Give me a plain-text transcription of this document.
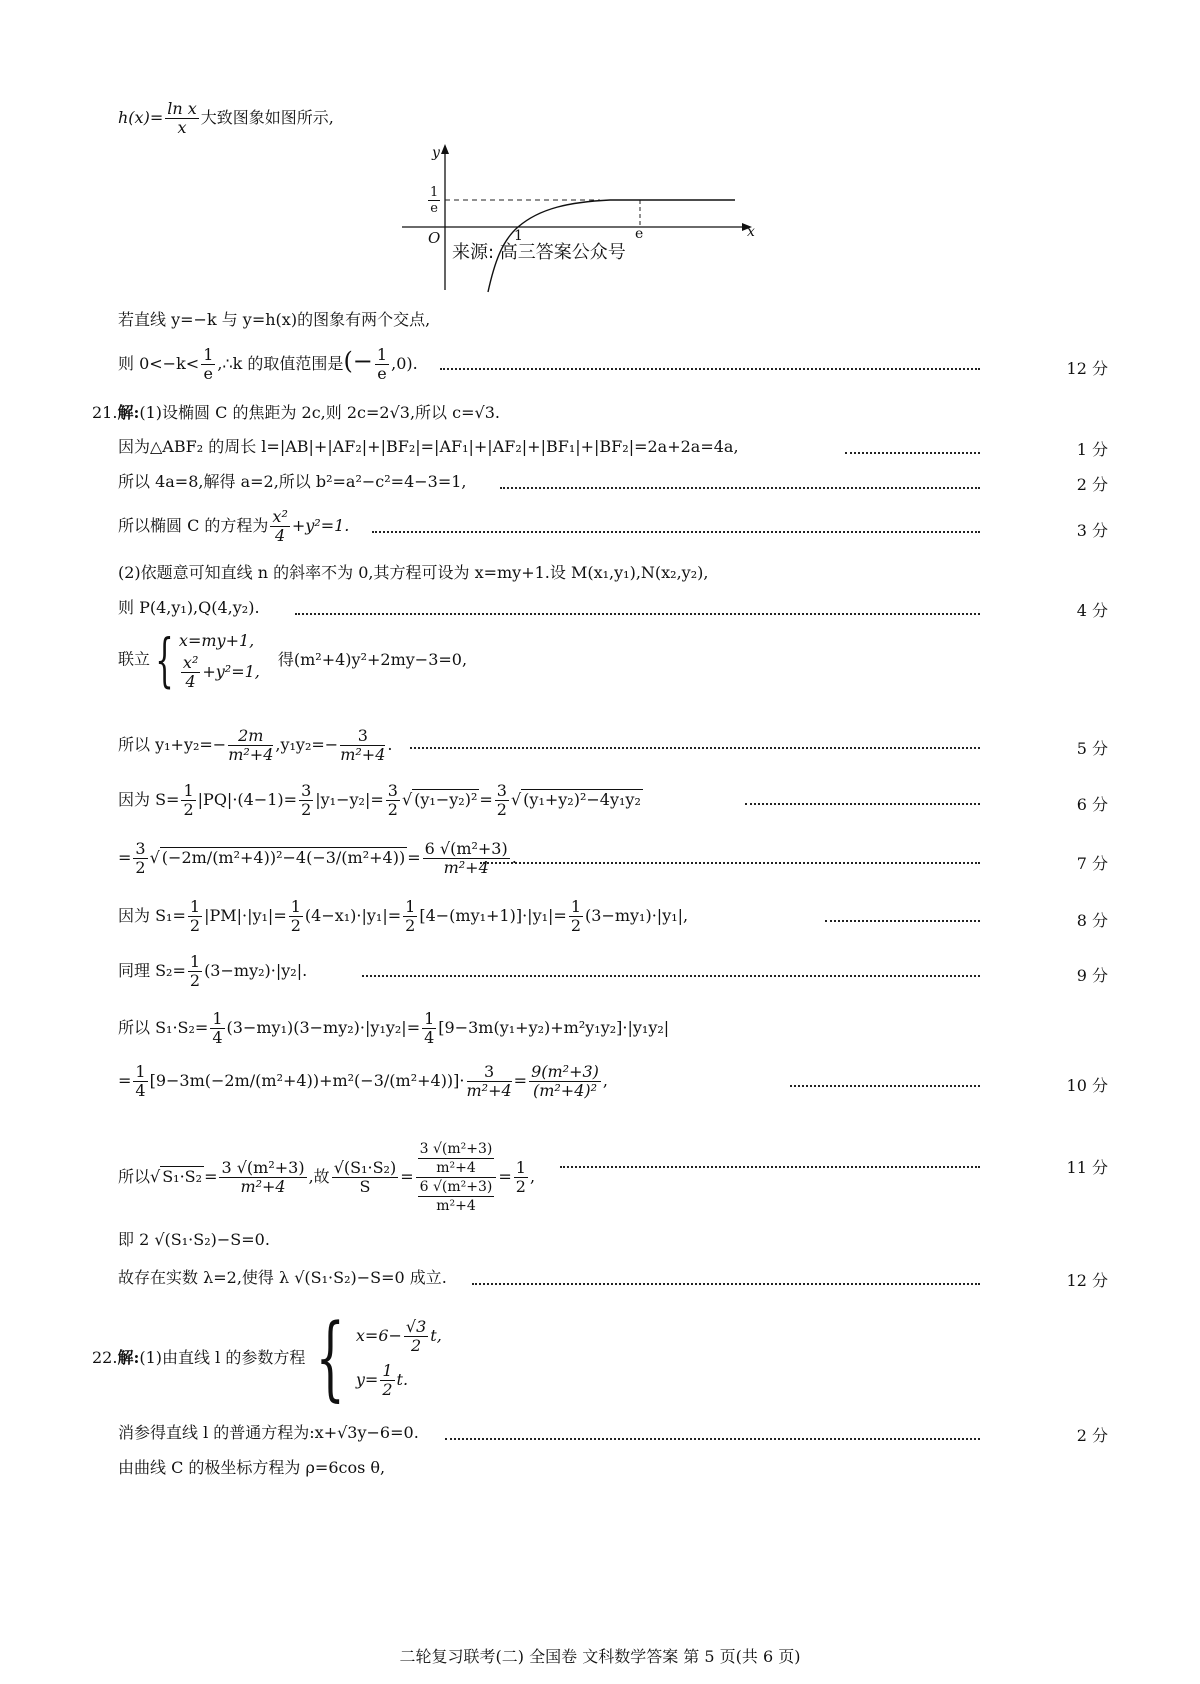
$h(x)= \frac{\text{ln x}}{x}$ 大致图象如图所示,
y
x
O	1	e
1
e
来源: 高三答案公众号
若直线 y=−k 与 y=h(x)的图象有两个交点,
则 $0<-k< \frac{1}{e}$ ,∴k 的取值范围是(− $\frac{1}{e} ,0$).	12 分
21.解:(1)设椭圆 C 的焦距为 2c,则 2c=2√3,所以 c=√3.
因为△ABF₂ 的周长 l=|AB|+|AF₂|+|BF₂|=|AF₁|+|AF₂|+|BF₁|+|BF₂|=2a+2a=4a,	1 分
所以 4a=8,解得 a=2,所以 b²=a²−c²=4−3=1,	2 分
所以椭圆 C 的方程为 $\frac{\text{x²}}{4} +y^2=1$.	3 分
(2)依题意可知直线 n 的斜率不为 0,其方程可设为 x=my+1.设 M(x₁,y₁),N(x₂,y₂),
则 P(4,y₁),Q(4,y₂).	4 分
联立{ x=my+1,
$\frac{\text{x²}}{4} +y^2=1$,
得(m²+4)y²+2my−3=0,
所以 $y_1+y_2=- \frac{2m}{\text{m²+4}} ,y_1y_2=- \frac{3}{\text{m²+4}}$ .	5 分
因为 $S= \frac{1}{2} |PQ|\cdot(4-1)= \frac{3}{2} |y_1-y_2|= \frac{3}{2}$ √ $(y_1-y_2)^2 = \frac{3}{2}$ √ (y₁+y₂)²−4y₁y₂	6 分
= $\frac{3}{2}$ √ $(-2m/(m^2+4))^2-4(-3/(m^2+4)) = \frac{\text{6 √(m²+3)}}{\text{m²+4}}$ .	7 分
因为 $S_1= \frac{1}{2} |PM|\cdot|y_1|= \frac{1}{2} (4-x_1)\cdot|y_1|= \frac{1}{2} [4-(my_1+1)]\cdot|y_1|= \frac{1}{2} (3-my_1)\cdot|y_1|$,	8 分
同理 $S_2= \frac{1}{2} (3-my_2)\cdot|y_2|$.	9 分
所以 $S_1\cdot S_2= \frac{1}{4} (3-my_1)(3-my_2)\cdot|y_1y_2|= \frac{1}{4} [9-3m(y_1+y_2)+m^2y_1y_2]\cdot|y_1y_2|$
= $\frac{1}{4} [9-3m(-2m/(m^2+4))+m^2(-3/(m^2+4))]\cdot \frac{3}{\text{m²+4}} = \frac{\text{9(m²+3)}}{\text{(m²+4)²}}$ ,	10 分
所以√ $S_1\cdot S_2 = \frac{\text{3 √(m²+3)}}{\text{m²+4}}$ ,故 $\frac{\text{√(S₁·S₂)}}{S} = \frac{\frac{\text{3 √(m²+3)}}{\text{m²+4}}}{\frac{\text{6 √(m²+3)}}{\text{m²+4}}} = \frac{1}{2}$ ,	11 分
即 2 √(S₁·S₂)−S=0.
故存在实数 λ=2,使得 λ √(S₁·S₂)−S=0 成立.	12 分
22.解:(1)由直线 l 的参数方程 { $x=6- \frac{√3}{2} t$,
$y= \frac{1}{2} t$.
消参得直线 l 的普通方程为:x+√3y−6=0.	2 分
由曲线 C 的极坐标方程为 ρ=6cos θ,
二轮复习联考(二) 全国卷 文科数学答案 第 5 页(共 6 页)
